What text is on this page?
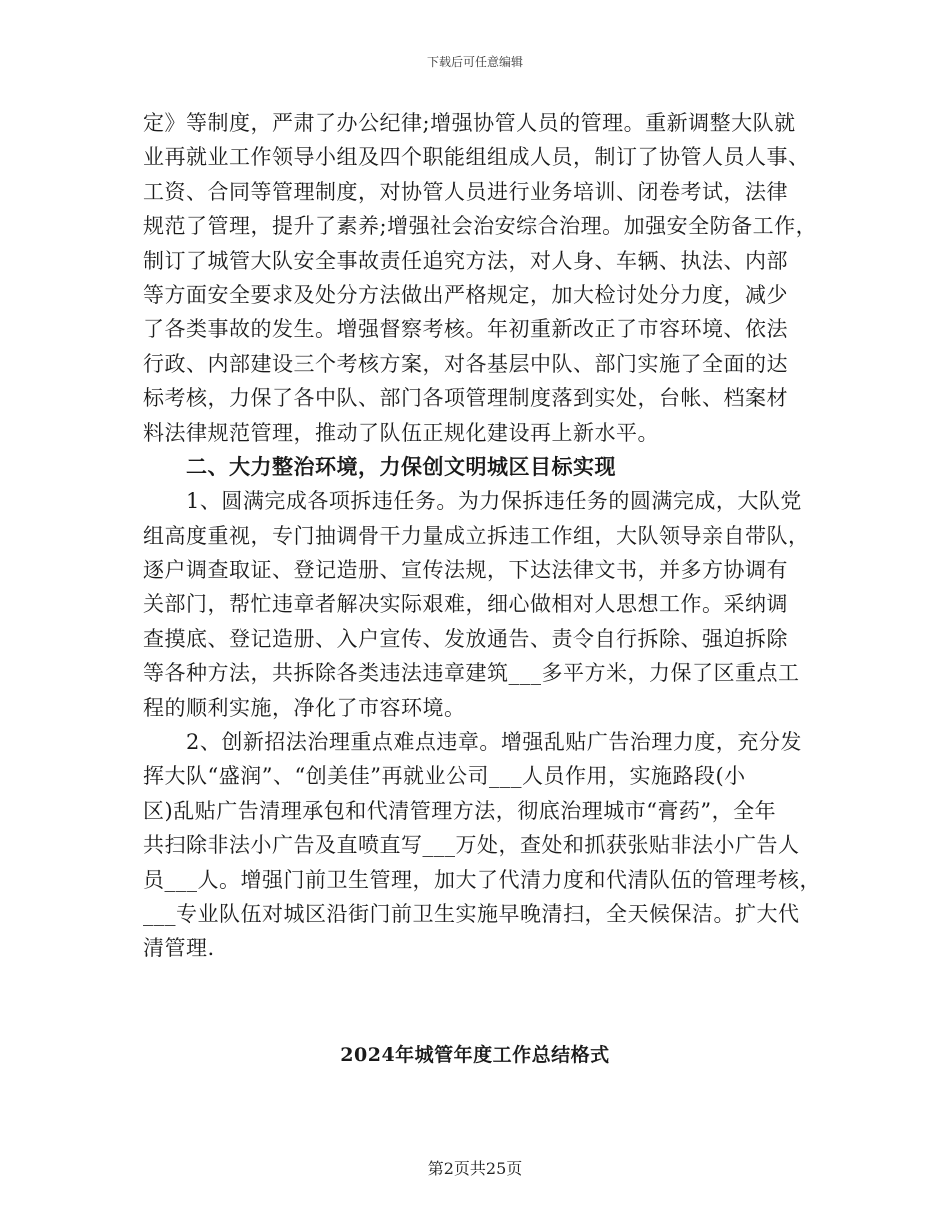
下载后可任意编辑
定》等制度，严肃了办公纪律;增强协管人员的管理。重新调整大队就
业再就业工作领导小组及四个职能组组成人员，制订了协管人员人事、
工资、合同等管理制度，对协管人员进行业务培训、闭卷考试，法律
规范了管理，提升了素养;增强社会治安综合治理。加强安全防备工作，
制订了城管大队安全事故责任追究方法，对人身、车辆、执法、内部
等方面安全要求及处分方法做出严格规定，加大检讨处分力度，减少
了各类事故的发生。增强督察考核。年初重新改正了市容环境、依法
行政、内部建设三个考核方案，对各基层中队、部门实施了全面的达
标考核，力保了各中队、部门各项管理制度落到实处，台帐、档案材
料法律规范管理，推动了队伍正规化建设再上新水平。
二、大力整治环境，力保创文明城区目标实现
1、圆满完成各项拆违任务。为力保拆违任务的圆满完成，大队党
组高度重视，专门抽调骨干力量成立拆违工作组，大队领导亲自带队，
逐户调查取证、登记造册、宣传法规，下达法律文书，并多方协调有
关部门，帮忙违章者解决实际艰难，细心做相对人思想工作。采纳调
查摸底、登记造册、入户宣传、发放通告、责令自行拆除、强迫拆除
等各种方法，共拆除各类违法违章建筑___多平方米，力保了区重点工
程的顺利实施，净化了市容环境。
2、创新招法治理重点难点违章。增强乱贴广告治理力度，充分发
挥大队“盛润”、“创美佳”再就业公司___人员作用，实施路段(小
区)乱贴广告清理承包和代清管理方法，彻底治理城市“膏药”，全年
共扫除非法小广告及直喷直写___万处，查处和抓获张贴非法小广告人
员___人。增强门前卫生管理，加大了代清力度和代清队伍的管理考核，
___专业队伍对城区沿街门前卫生实施早晚清扫，全天候保洁。扩大代
清管理.
2024年城管年度工作总结格式
第2页共25页
